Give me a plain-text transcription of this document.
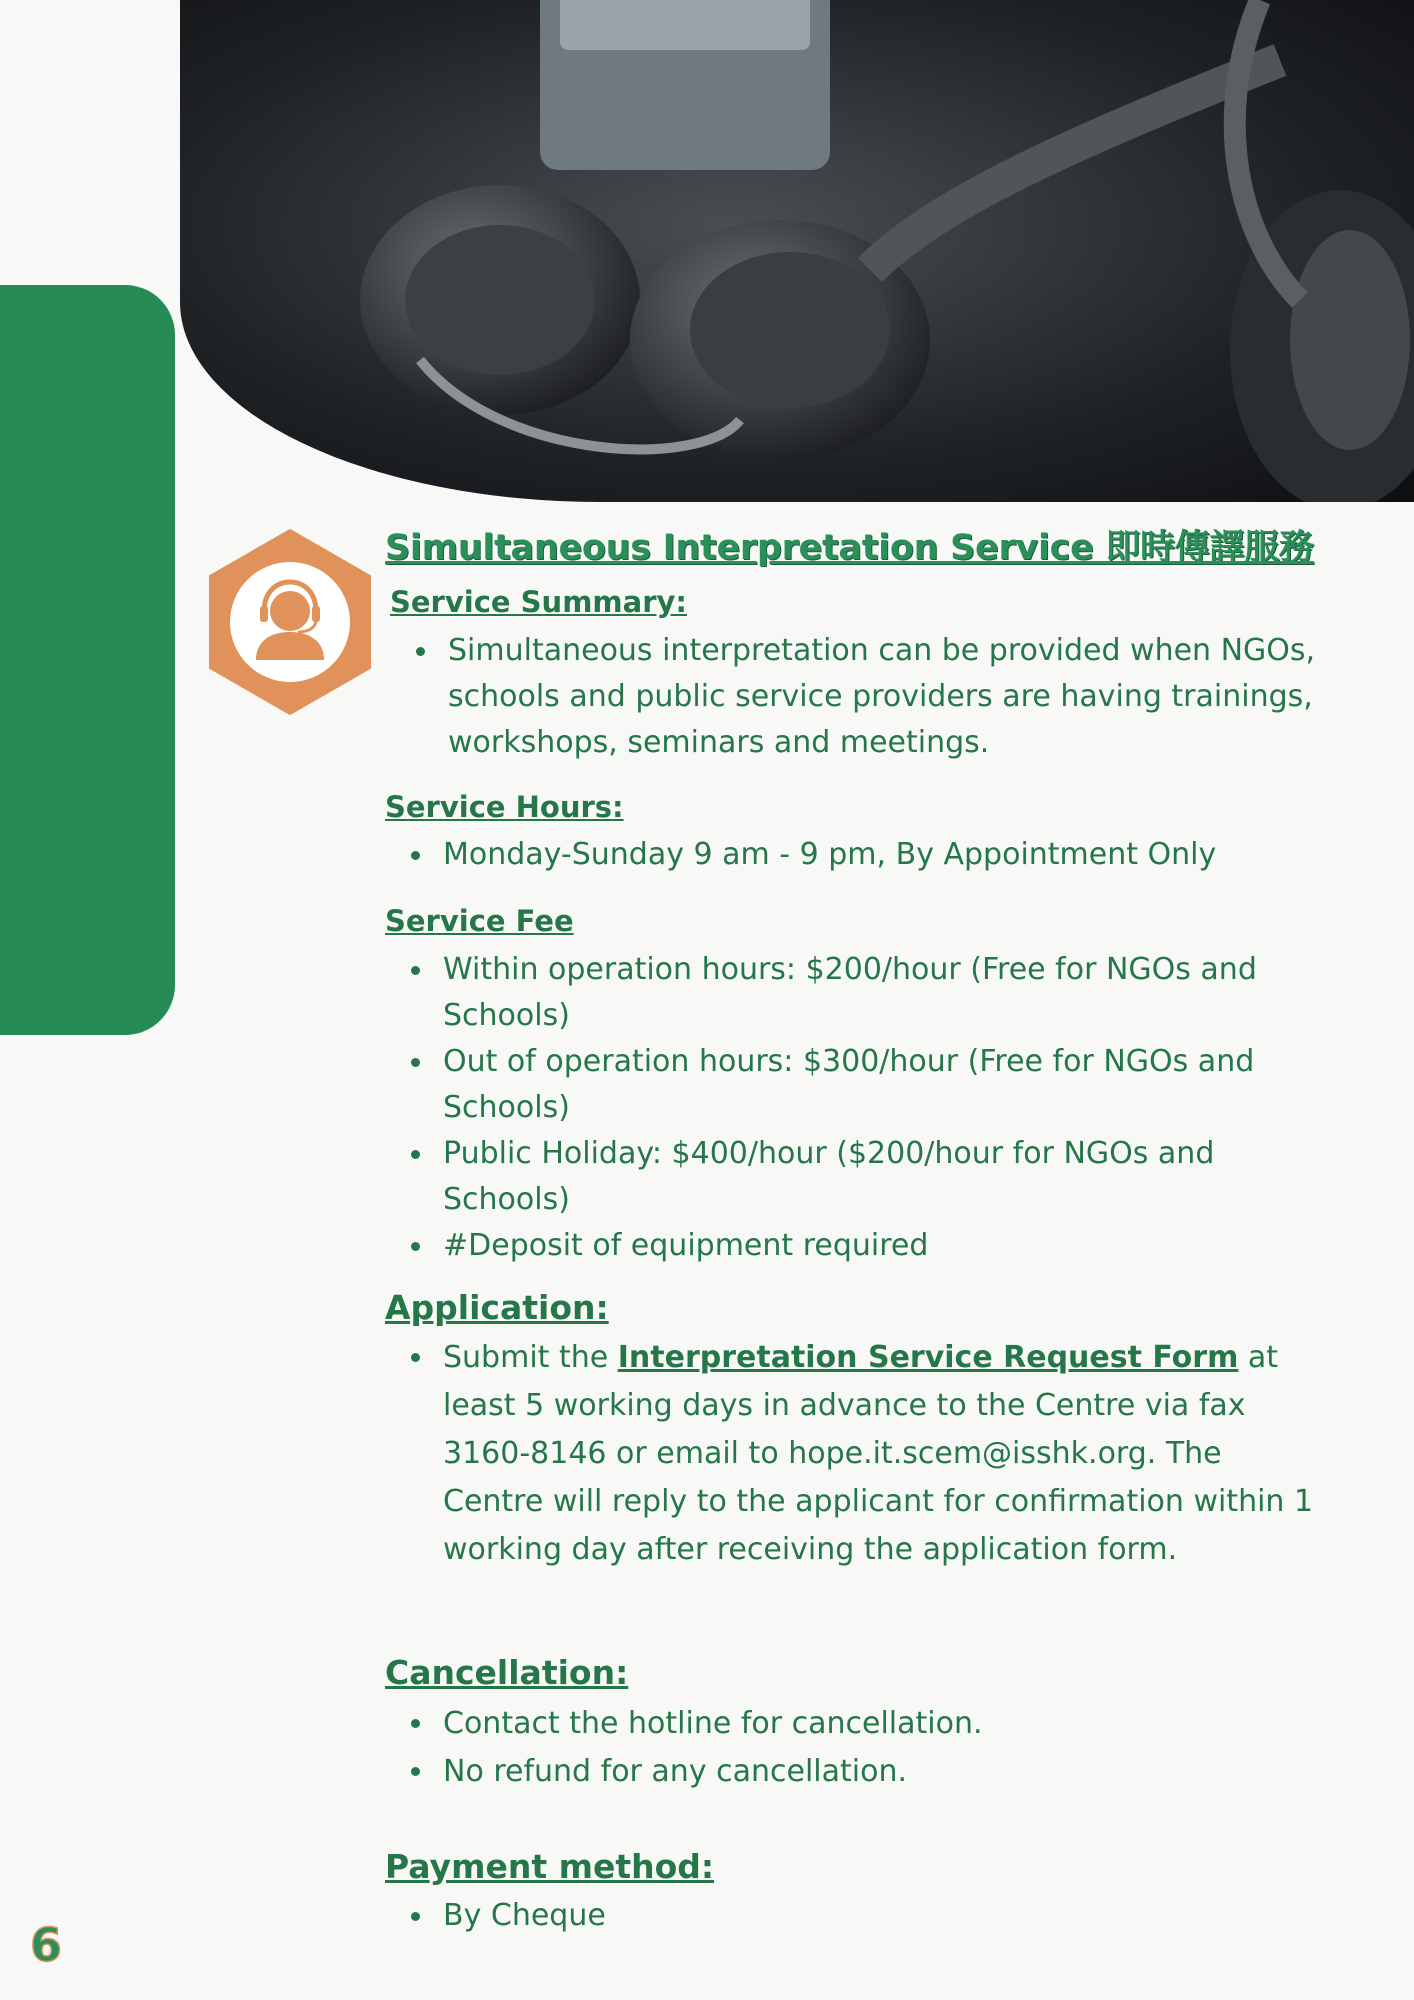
Simultaneous Interpretation Service 即時傳譯服務
Service Summary:
Simultaneous interpretation can be provided when NGOs, schools and public service providers are having trainings, workshops, seminars and meetings.
Service Hours:
Monday-Sunday 9 am - 9 pm, By Appointment Only
Service Fee
Within operation hours: $200/hour (Free for NGOs and Schools)
Out of operation hours: $300/hour (Free for NGOs and Schools)
Public Holiday: $400/hour ($200/hour for NGOs and Schools)
#Deposit of equipment required
Application:
Submit the Interpretation Service Request Form at least 5 working days in advance to the Centre via fax 3160-8146 or email to hope.it.scem@isshk.org. The Centre will reply to the applicant for confirmation within 1 working day after receiving the application form.
Cancellation:
Contact the hotline for cancellation.
No refund for any cancellation.
Payment method:
By Cheque
6
